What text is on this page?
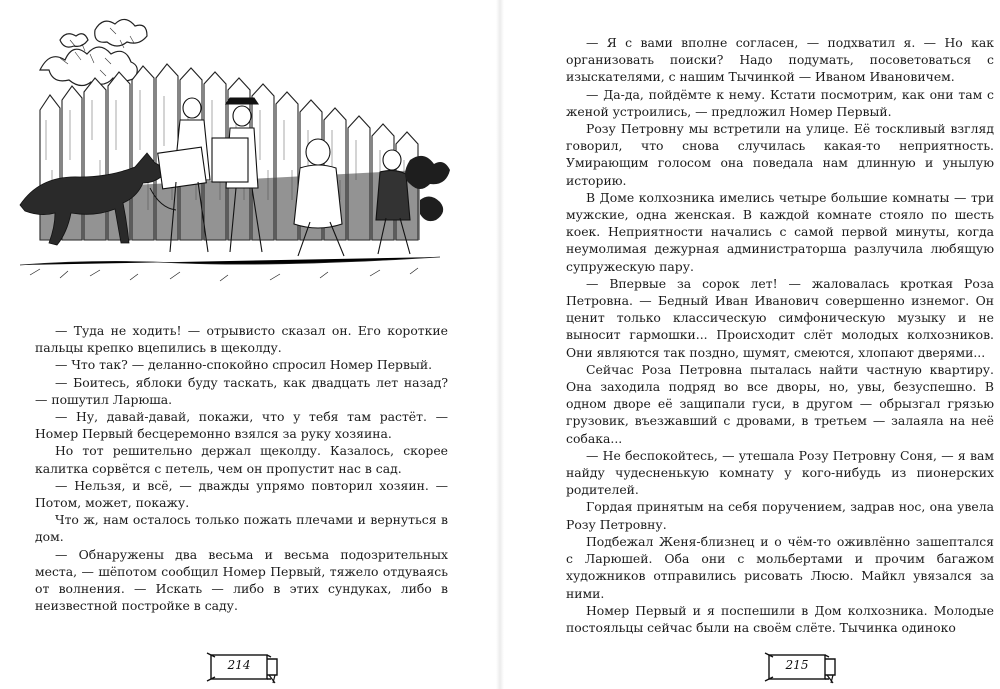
— Туда не ходить! — отрывисто сказал он. Его короткие пальцы крепко вцепились в щеколду.

— Что так? — деланно-спокойно спросил Номер Первый.

— Боитесь, яблоки буду таскать, как двадцать лет назад? — пошутил Ларюша.

— Ну, давай-давай, покажи, что у тебя там растёт. — Номер Первый бесцеремонно взялся за руку хозяина.

Но тот решительно держал щеколду. Казалось, скорее калитка сорвётся с петель, чем он пропустит нас в сад.

— Нельзя, и всё, — дважды упрямо повторил хозяин. — Потом, может, покажу.

Что ж, нам осталось только пожать плечами и вернуться в дом.

— Обнаружены два весьма и весьма подозрительных места, — шёпотом сообщил Номер Первый, тяжело отдуваясь от волнения. — Искать — либо в этих сундуках, либо в неизвестной постройке в саду.

214

— Я с вами вполне согласен, — подхватил я. — Но как организовать поиски? Надо подумать, посоветоваться с изыскателями, с нашим Тычинкой — Иваном Ивановичем.

— Да-да, пойдёмте к нему. Кстати посмотрим, как они там с женой устроились, — предложил Номер Первый.

Розу Петровну мы встретили на улице. Её тоскливый взгляд говорил, что снова случилась какая-то неприятность. Умирающим голосом она поведала нам длинную и унылую историю.

В Доме колхозника имелись четыре большие комнаты — три мужские, одна женская. В каждой комнате стояло по шесть коек. Неприятности начались с самой первой минуты, когда неумолимая дежурная администраторша разлучила любящую супружескую пару.

— Впервые за сорок лет! — жаловалась кроткая Роза Петровна. — Бедный Иван Иванович совершенно изнемог. Он ценит только классическую симфоническую музыку и не выносит гармошки... Происходит слёт молодых колхозников. Они являются так поздно, шумят, смеются, хлопают дверями...

Сейчас Роза Петровна пыталась найти частную квартиру. Она заходила подряд во все дворы, но, увы, безуспешно. В одном дворе её защипали гуси, в другом — обрызгал грязью грузовик, въезжавший с дровами, в третьем — залаяла на неё собака...

— Не беспокойтесь, — утешала Розу Петровну Соня, — я вам найду чудесненькую комнату у кого-нибудь из пионерских родителей.

Гордая принятым на себя поручением, задрав нос, она увела Розу Петровну.

Подбежал Женя-близнец и о чём-то оживлённо зашептался с Ларюшей. Оба они с мольбертами и прочим багажом художников отправились рисовать Люсю. Майкл увязался за ними.

Номер Первый и я поспешили в Дом колхозника. Молодые постояльцы сейчас были на своём слёте. Тычинка одиноко

215
